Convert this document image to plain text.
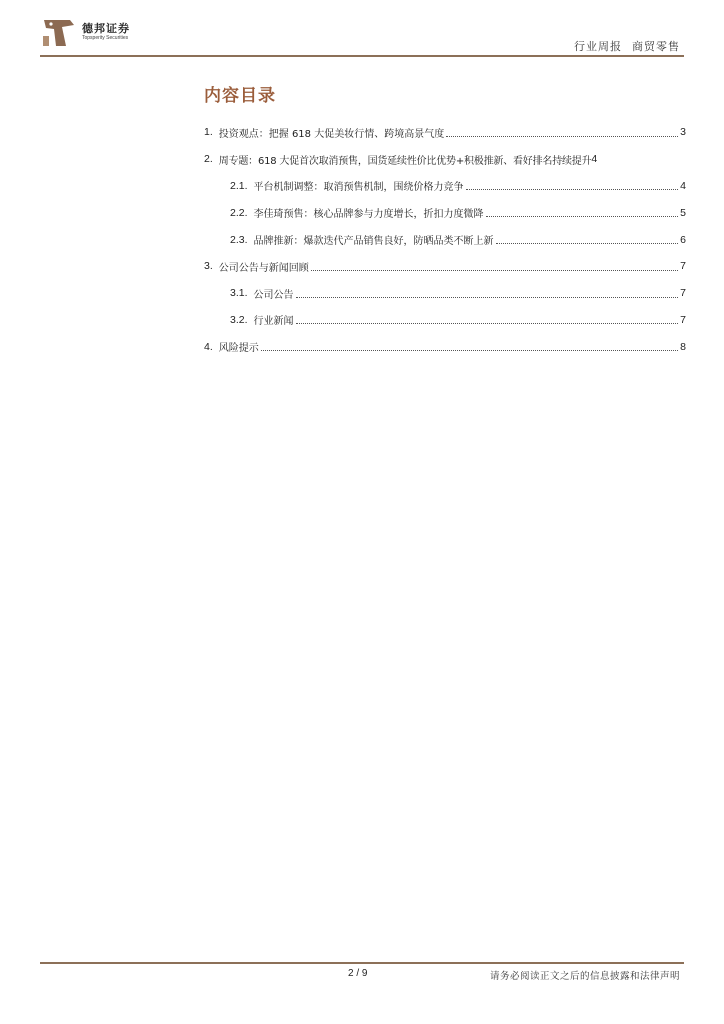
德邦证券
Topsperity Securities
行业周报 商贸零售
内容目录
1. 投资观点：把握 618 大促美妆行情、跨境高景气度	3
2. 周专题：618 大促首次取消预售，国货延续性价比优势+积极推新、看好排名持续提升 4
2.1. 平台机制调整：取消预售机制，围绕价格力竞争	4
2.2. 李佳琦预售：核心品牌参与力度增长，折扣力度微降	5
2.3. 品牌推新：爆款迭代产品销售良好，防晒品类不断上新	6
3. 公司公告与新闻回顾	7
3.1. 公司公告	7
3.2. 行业新闻	7
4. 风险提示	8
2 / 9	请务必阅读正文之后的信息披露和法律声明
